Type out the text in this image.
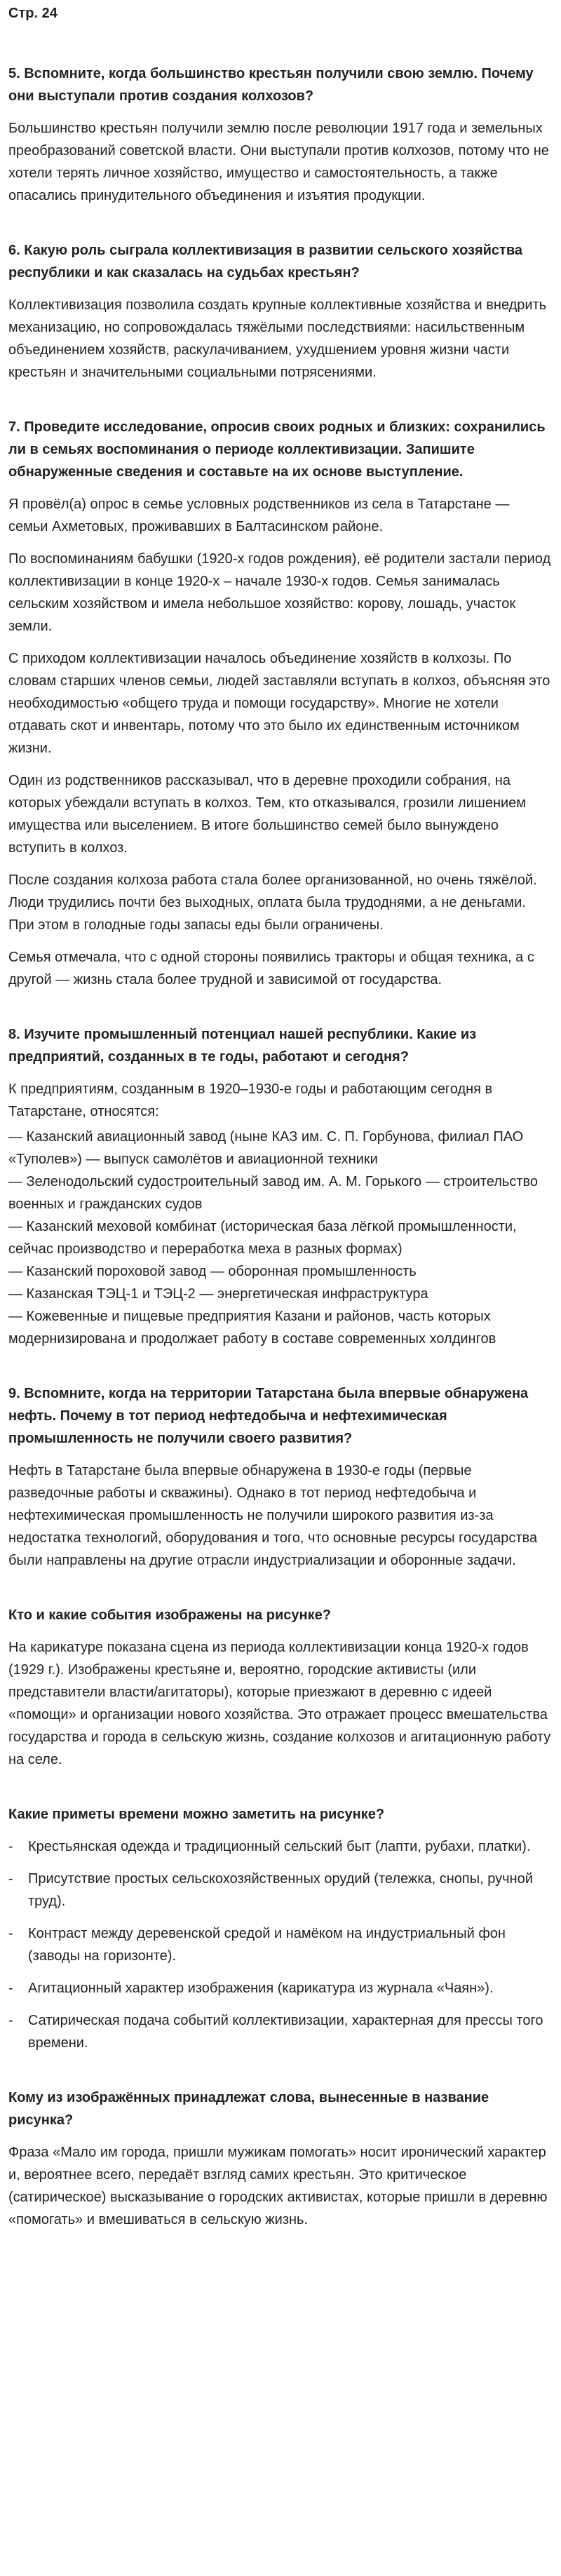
Стр. 24
5. Вспомните, когда большинство крестьян получили свою землю. Почему они выступали против создания колхозов?
Большинство крестьян получили землю после революции 1917 года и земельных преобразований советской власти. Они выступали против колхозов, потому что не хотели терять личное хозяйство, имущество и самостоятельность, а также опасались принудительного объединения и изъятия продукции.
6. Какую роль сыграла коллективизация в развитии сельского хозяйства республики и как сказалась на судьбах крестьян?
Коллективизация позволила создать крупные коллективные хозяйства и внедрить механизацию, но сопровождалась тяжёлыми последствиями: насильственным объединением хозяйств, раскулачиванием, ухудшением уровня жизни части крестьян и значительными социальными потрясениями.
7. Проведите исследование, опросив своих родных и близких: сохранились ли в семьях воспоминания о периоде коллективизации. Запишите обнаруженные сведения и составьте на их основе выступление.
Я провёл(а) опрос в семье условных родственников из села в Татарстане — семьи Ахметовых, проживавших в Балтасинском районе.
По воспоминаниям бабушки (1920-х годов рождения), её родители застали период коллективизации в конце 1920-х – начале 1930-х годов. Семья занималась сельским хозяйством и имела небольшое хозяйство: корову, лошадь, участок земли.
С приходом коллективизации началось объединение хозяйств в колхозы. По словам старших членов семьи, людей заставляли вступать в колхоз, объясняя это необходимостью «общего труда и помощи государству». Многие не хотели отдавать скот и инвентарь, потому что это было их единственным источником жизни.
Один из родственников рассказывал, что в деревне проходили собрания, на которых убеждали вступать в колхоз. Тем, кто отказывался, грозили лишением имущества или выселением. В итоге большинство семей было вынуждено вступить в колхоз.
После создания колхоза работа стала более организованной, но очень тяжёлой. Люди трудились почти без выходных, оплата была трудоднями, а не деньгами. При этом в голодные годы запасы еды были ограничены.
Семья отмечала, что с одной стороны появились тракторы и общая техника, а с другой — жизнь стала более трудной и зависимой от государства.
8. Изучите промышленный потенциал нашей республики. Какие из предприятий, созданных в те годы, работают и сегодня?
К предприятиям, созданным в 1920–1930-е годы и работающим сегодня в Татарстане, относятся:
— Казанский авиационный завод (ныне КАЗ им. С. П. Горбунова, филиал ПАО «Туполев») — выпуск самолётов и авиационной техники
— Зеленодольский судостроительный завод им. А. М. Горького — строительство военных и гражданских судов
— Казанский меховой комбинат (историческая база лёгкой промышленности, сейчас производство и переработка меха в разных формах)
— Казанский пороховой завод — оборонная промышленность
— Казанская ТЭЦ-1 и ТЭЦ-2 — энергетическая инфраструктура
— Кожевенные и пищевые предприятия Казани и районов, часть которых модернизирована и продолжает работу в составе современных холдингов
9. Вспомните, когда на территории Татарстана была впервые обнаружена нефть. Почему в тот период нефтедобыча и нефтехимическая промышленность не получили своего развития?
Нефть в Татарстане была впервые обнаружена в 1930-е годы (первые разведочные работы и скважины). Однако в тот период нефтедобыча и нефтехимическая промышленность не получили широкого развития из-за недостатка технологий, оборудования и того, что основные ресурсы государства были направлены на другие отрасли индустриализации и оборонные задачи.
Кто и какие события изображены на рисунке?
На карикатуре показана сцена из периода коллективизации конца 1920-х годов (1929 г.). Изображены крестьяне и, вероятно, городские активисты (или представители власти/агитаторы), которые приезжают в деревню с идеей «помощи» и организации нового хозяйства. Это отражает процесс вмешательства государства и города в сельскую жизнь, создание колхозов и агитационную работу на селе.
Какие приметы времени можно заметить на рисунке?
-	Крестьянская одежда и традиционный сельский быт (лапти, рубахи, платки).
-	Присутствие простых сельскохозяйственных орудий (тележка, снопы, ручной труд).
-	Контраст между деревенской средой и намёком на индустриальный фон (заводы на горизонте).
-	Агитационный характер изображения (карикатура из журнала «Чаян»).
-	Сатирическая подача событий коллективизации, характерная для прессы того времени.
Кому из изображённых принадлежат слова, вынесенные в название рисунка?
Фраза «Мало им города, пришли мужикам помогать» носит иронический характер и, вероятнее всего, передаёт взгляд самих крестьян. Это критическое (сатирическое) высказывание о городских активистах, которые пришли в деревню «помогать» и вмешиваться в сельскую жизнь.
